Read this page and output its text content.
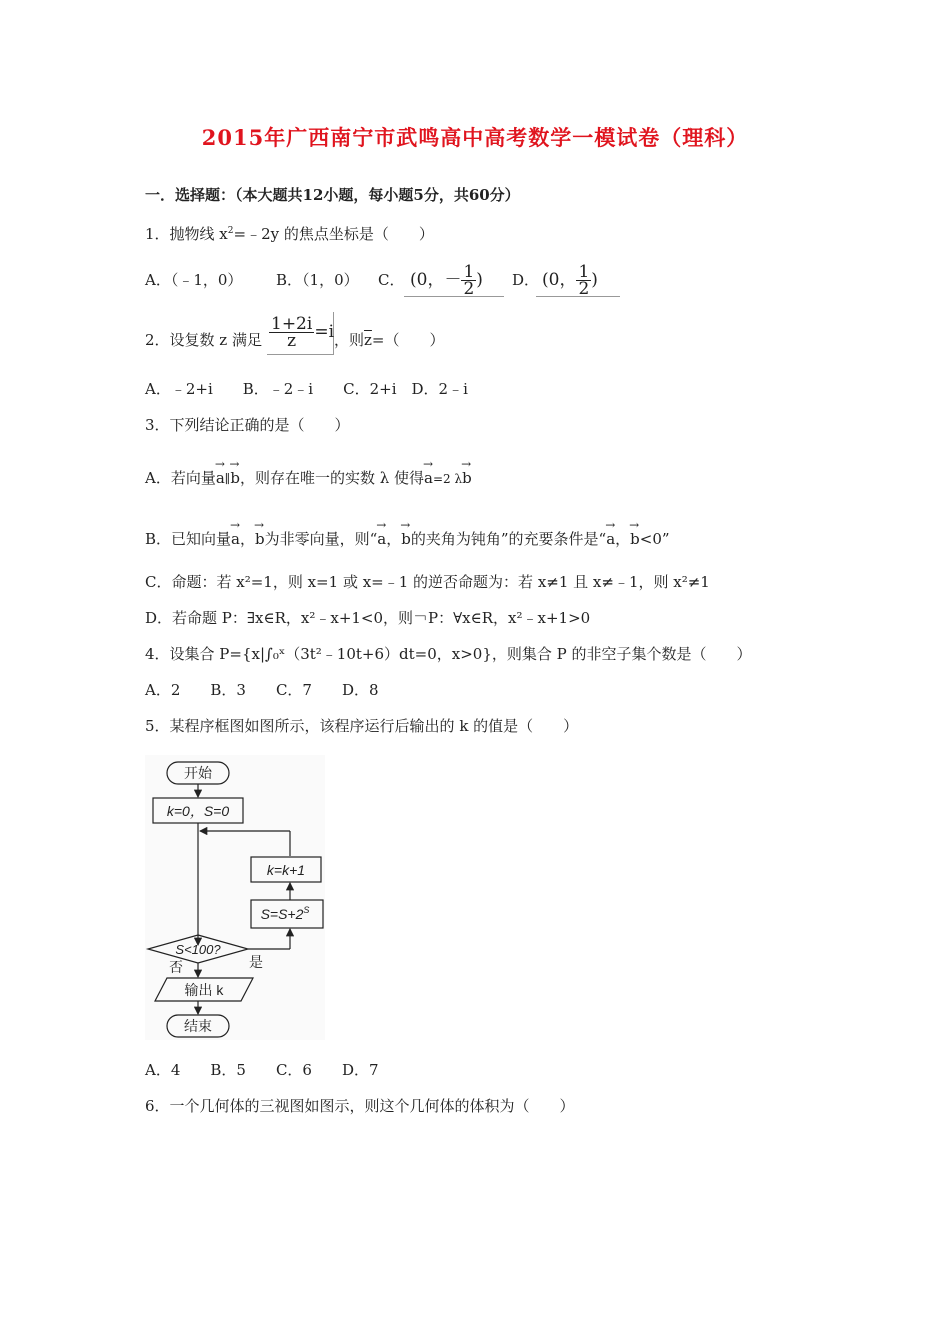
2015年广西南宁市武鸣高中高考数学一模试卷（理科）
一．选择题：（本大题共12小题，每小题5分，共60分）
1．抛物线 $x^2=﹣2y$ 的焦点坐标是（　　）
A．（﹣1，0） B．（1，0） C． (0，－ $\frac{1}{2}$ ) D． (0， $\frac{1}{2}$ )
2．设复数 z 满足 $\frac{1+2i}{z} =i$ ，则$\overline{z}=$（　　）
A．﹣2+i　　B．﹣2﹣i　　C．2+i　D．2﹣i
3．下列结论正确的是（　　）
A．若向量→ a∥→ b，则存在唯一的实数 λ 使得→ a=2 λ→ b
B．已知向量→ a，→ b为非零向量，则“→ a，→ b的夹角为钝角”的充要条件是“→ a，→ b<0”
C．命题：若 x²=1，则 x=1 或 x=﹣1 的逆否命题为：若 x≠1 且 x≠﹣1，则 x²≠1
D．若命题 P：∃x∈R，x²﹣x+1<0，则￢P：∀x∈R，x²﹣x+1>0
4．设集合 P={x|∫₀ˣ（3t²﹣10t+6）dt=0，x>0}，则集合 P 的非空子集个数是（　　）
A．2　　B．3　　C．7　　D．8
5．某程序框图如图所示，该程序运行后输出的 k 的值是（　　）
开始
k=0，S=0
k=k+1
$S=S+2^S$
S<100?
是
否
输出 k
结束
A．4　　B．5　　C．6　　D．7
6．一个几何体的三视图如图示，则这个几何体的体积为（　　）
